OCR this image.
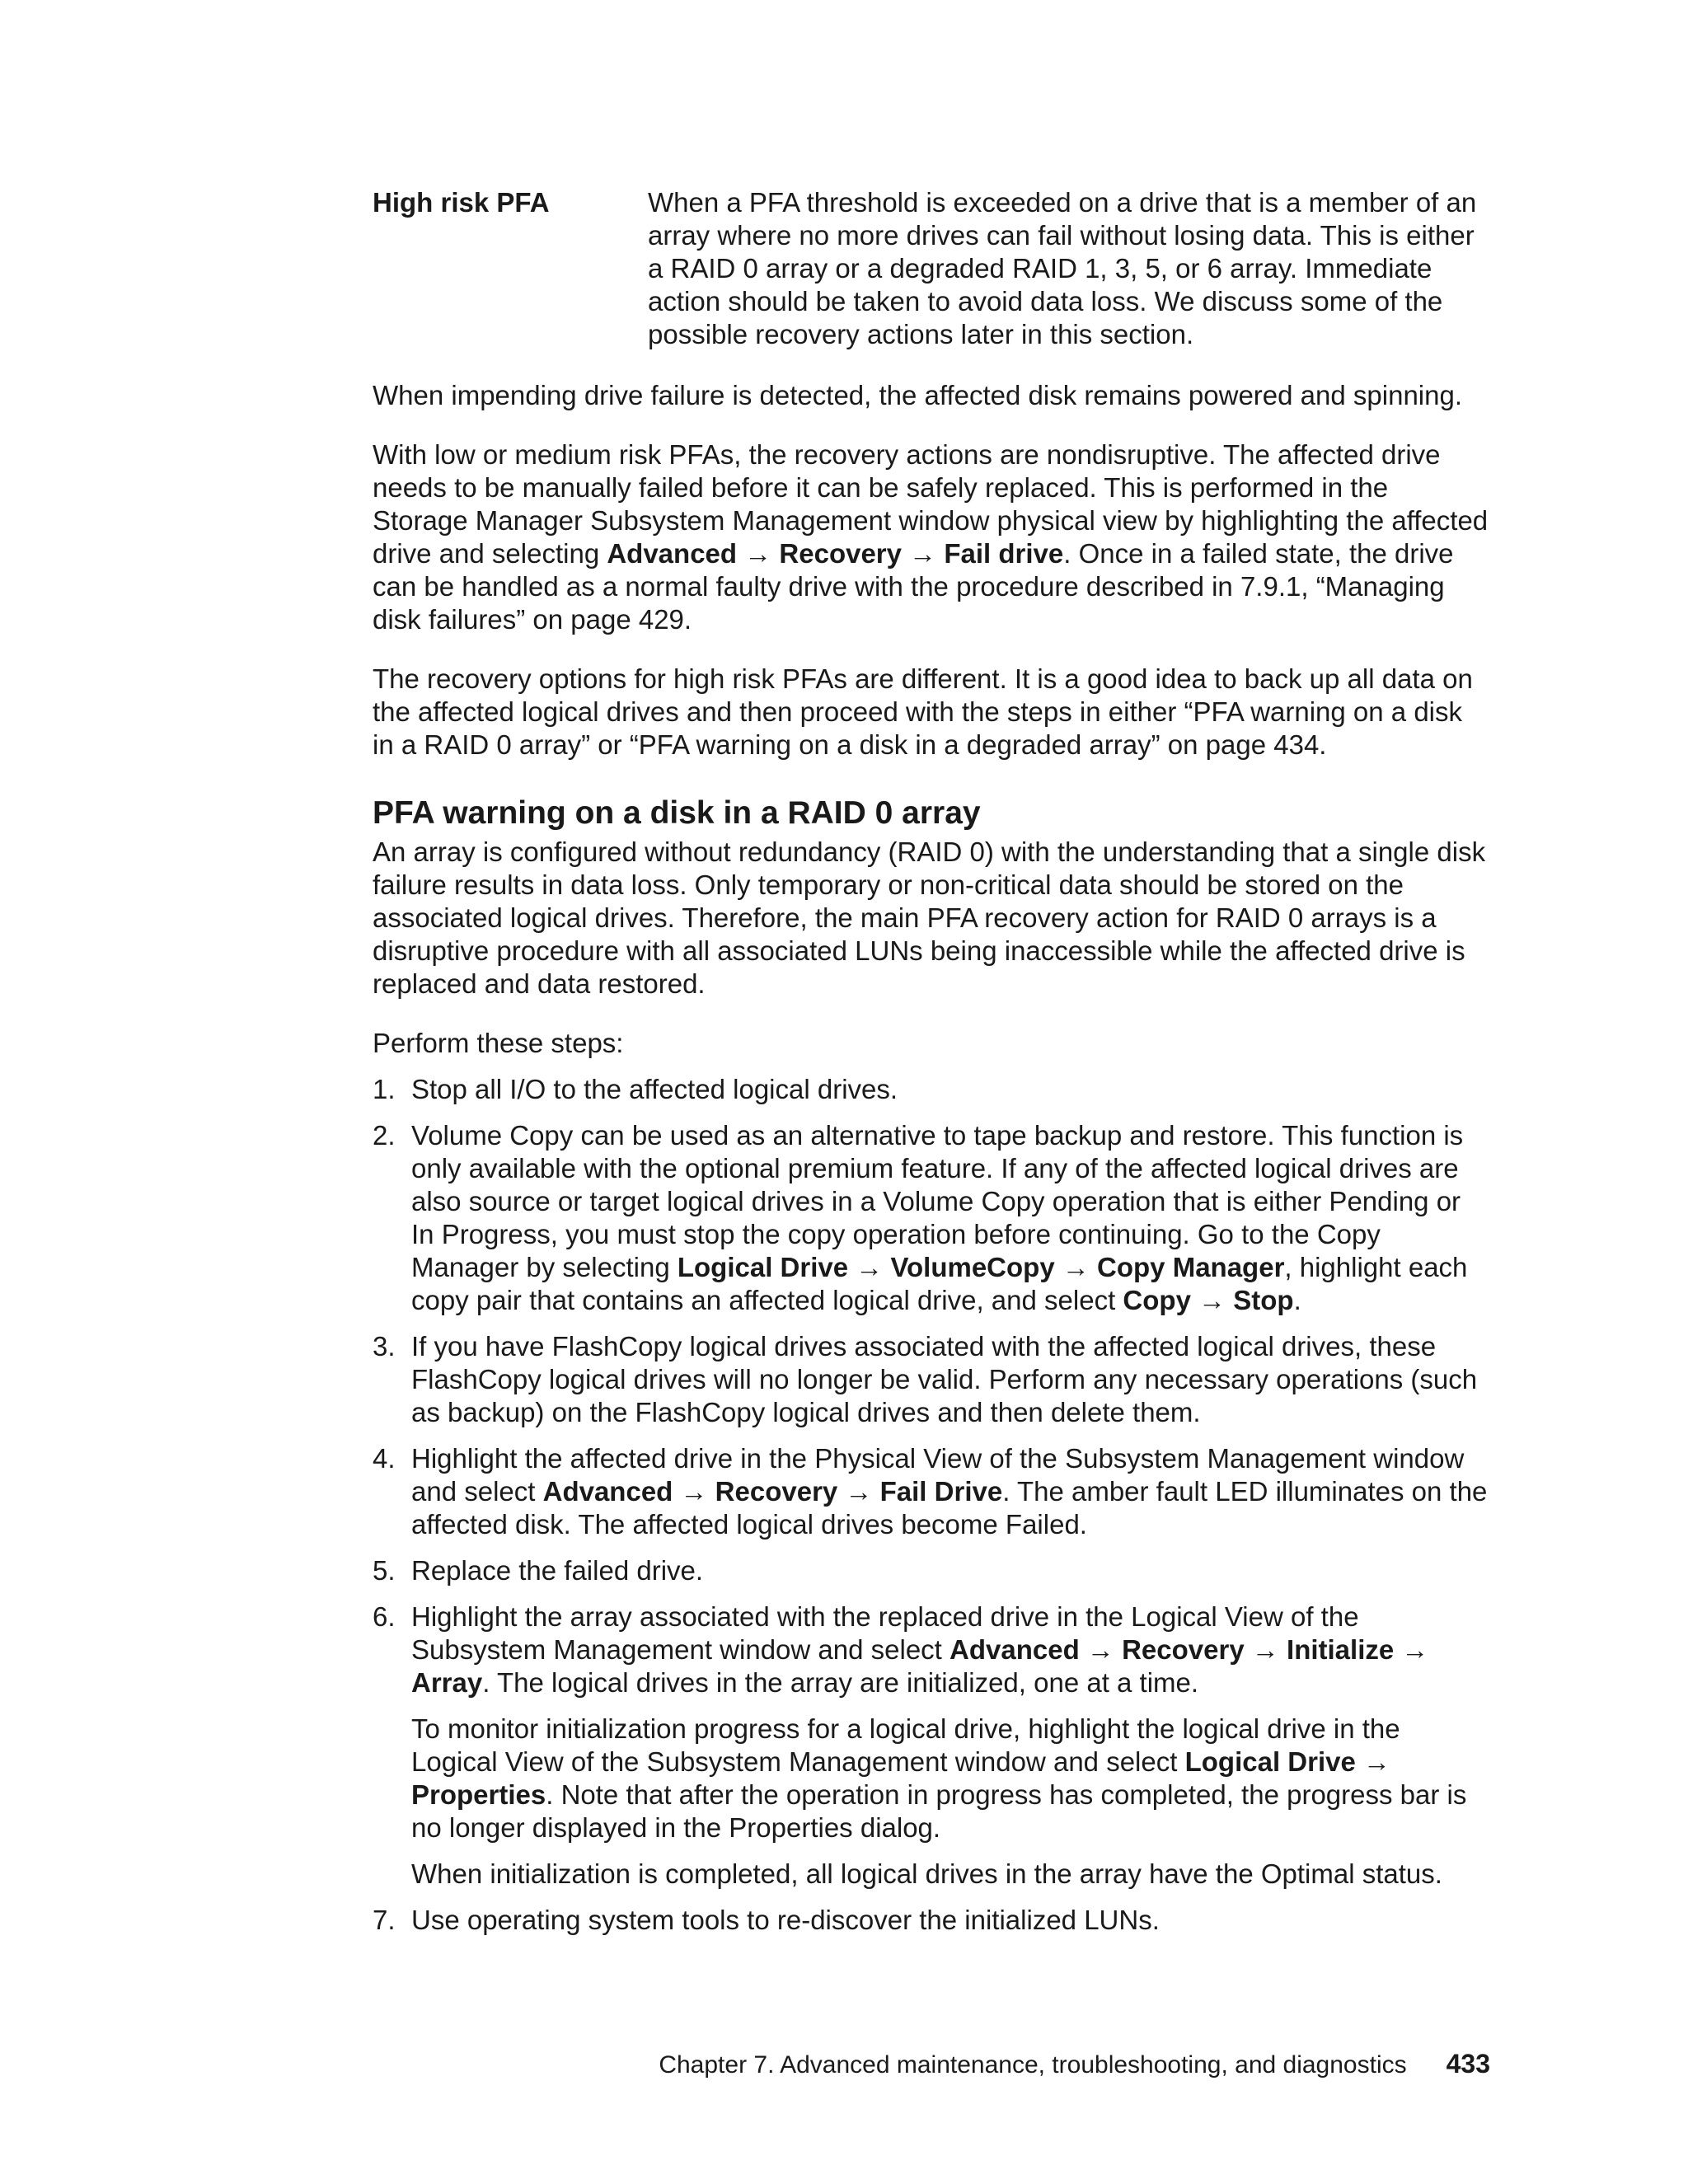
High risk PFA	When a PFA threshold is exceeded on a drive that is a member of an array where no more drives can fail without losing data. This is either a RAID 0 array or a degraded RAID 1, 3, 5, or 6 array. Immediate action should be taken to avoid data loss. We discuss some of the possible recovery actions later in this section.

When impending drive failure is detected, the affected disk remains powered and spinning.

With low or medium risk PFAs, the recovery actions are nondisruptive. The affected drive needs to be manually failed before it can be safely replaced. This is performed in the Storage Manager Subsystem Management window physical view by highlighting the affected drive and selecting Advanced → Recovery → Fail drive. Once in a failed state, the drive can be handled as a normal faulty drive with the procedure described in 7.9.1, “Managing disk failures” on page 429.

The recovery options for high risk PFAs are different. It is a good idea to back up all data on the affected logical drives and then proceed with the steps in either “PFA warning on a disk in a RAID 0 array” or “PFA warning on a disk in a degraded array” on page 434.

PFA warning on a disk in a RAID 0 array

An array is configured without redundancy (RAID 0) with the understanding that a single disk failure results in data loss. Only temporary or non-critical data should be stored on the associated logical drives. Therefore, the main PFA recovery action for RAID 0 arrays is a disruptive procedure with all associated LUNs being inaccessible while the affected drive is replaced and data restored.

Perform these steps:

1. Stop all I/O to the affected logical drives.

2. Volume Copy can be used as an alternative to tape backup and restore. This function is only available with the optional premium feature. If any of the affected logical drives are also source or target logical drives in a Volume Copy operation that is either Pending or In Progress, you must stop the copy operation before continuing. Go to the Copy Manager by selecting Logical Drive → VolumeCopy → Copy Manager, highlight each copy pair that contains an affected logical drive, and select Copy → Stop.

3. If you have FlashCopy logical drives associated with the affected logical drives, these FlashCopy logical drives will no longer be valid. Perform any necessary operations (such as backup) on the FlashCopy logical drives and then delete them.

4. Highlight the affected drive in the Physical View of the Subsystem Management window and select Advanced → Recovery → Fail Drive. The amber fault LED illuminates on the affected disk. The affected logical drives become Failed.

5. Replace the failed drive.

6. Highlight the array associated with the replaced drive in the Logical View of the Subsystem Management window and select Advanced → Recovery → Initialize → Array. The logical drives in the array are initialized, one at a time.

To monitor initialization progress for a logical drive, highlight the logical drive in the Logical View of the Subsystem Management window and select Logical Drive → Properties. Note that after the operation in progress has completed, the progress bar is no longer displayed in the Properties dialog.

When initialization is completed, all logical drives in the array have the Optimal status.

7. Use operating system tools to re-discover the initialized LUNs.

Chapter 7. Advanced maintenance, troubleshooting, and diagnostics 433
